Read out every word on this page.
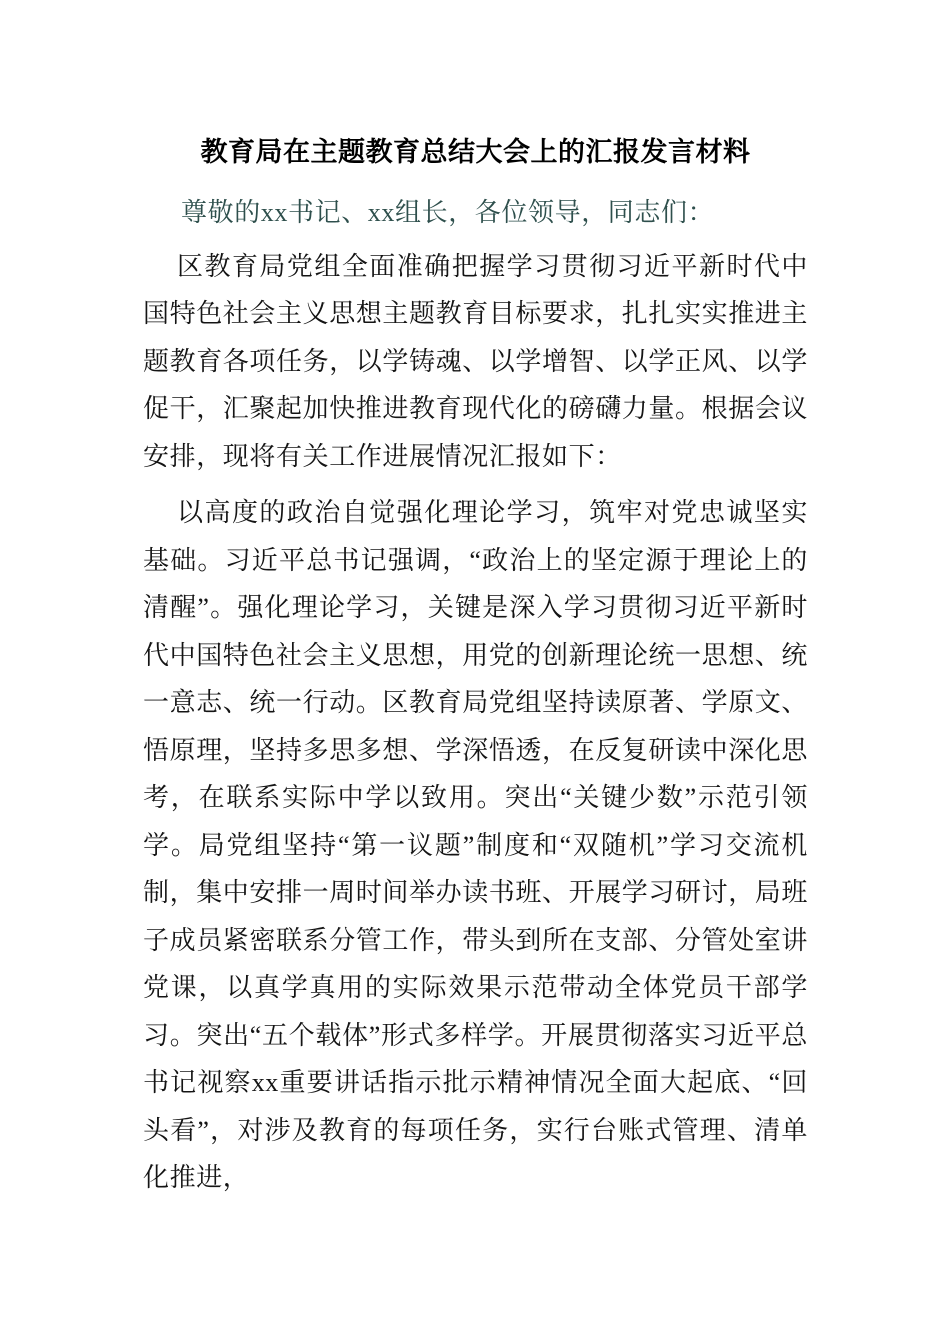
教育局在主题教育总结大会上的汇报发言材料

尊敬的xx书记、xx组长，各位领导，同志们：

区教育局党组全面准确把握学习贯彻习近平新时代中国特色社会主义思想主题教育目标要求，扎扎实实推进主题教育各项任务，以学铸魂、以学增智、以学正风、以学促干，汇聚起加快推进教育现代化的磅礴力量。根据会议安排，现将有关工作进展情况汇报如下：

以高度的政治自觉强化理论学习，筑牢对党忠诚坚实基础。习近平总书记强调，“政治上的坚定源于理论上的清醒”。强化理论学习，关键是深入学习贯彻习近平新时代中国特色社会主义思想，用党的创新理论统一思想、统一意志、统一行动。区教育局党组坚持读原著、学原文、悟原理，坚持多思多想、学深悟透，在反复研读中深化思考，在联系实际中学以致用。突出“关键少数”示范引领学。局党组坚持“第一议题”制度和“双随机”学习交流机制，集中安排一周时间举办读书班、开展学习研讨，局班子成员紧密联系分管工作，带头到所在支部、分管处室讲党课，以真学真用的实际效果示范带动全体党员干部学习。突出“五个载体”形式多样学。开展贯彻落实习近平总书记视察xx重要讲话指示批示精神情况全面大起底、“回头看”，对涉及教育的每项任务，实行台账式管理、清单化推进，
